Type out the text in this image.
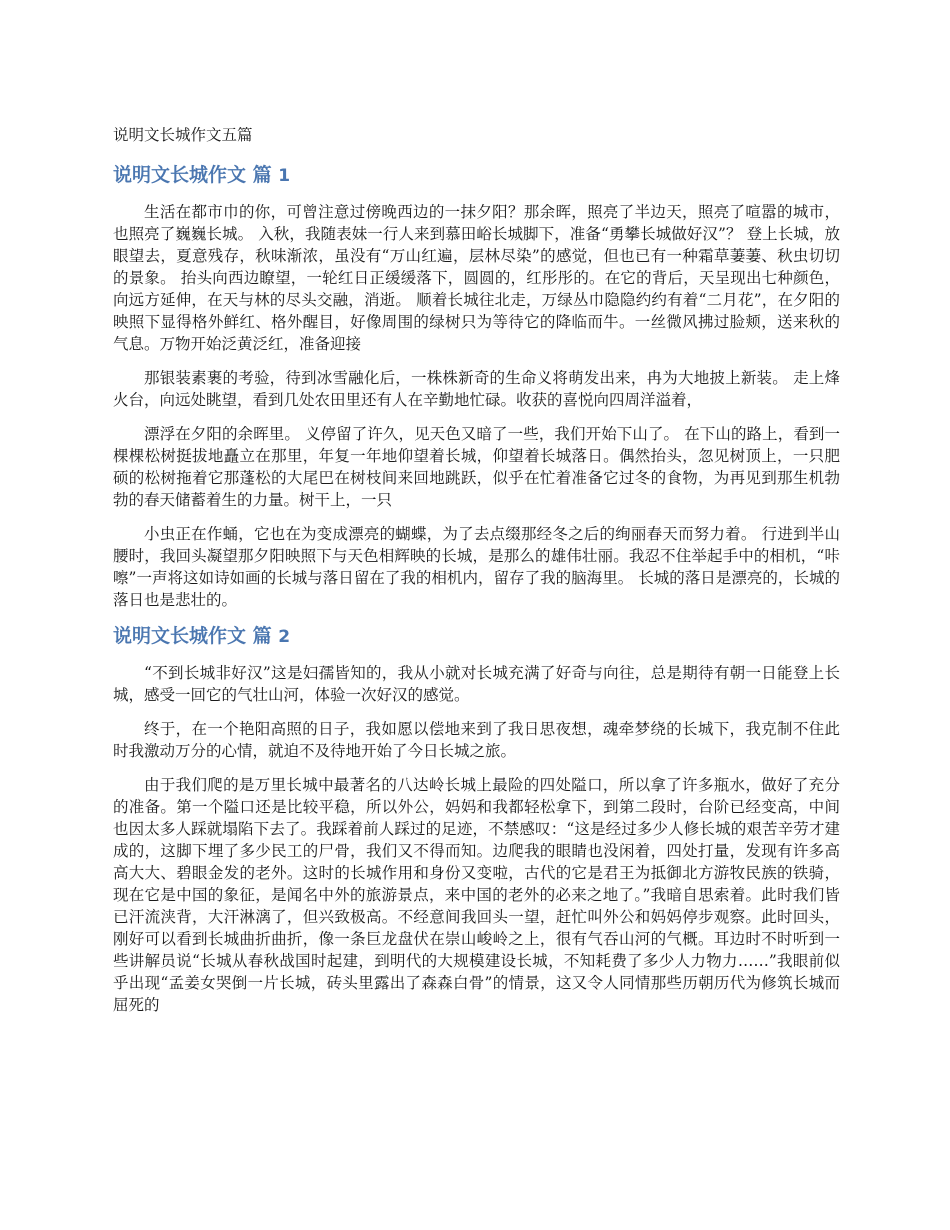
说明文长城作文五篇

说明文长城作文 篇 1

生活在都市巾的你，可曾注意过傍晚西边的一抹夕阳？那余晖，照亮了半边天，照亮了喧嚣的城市，也照亮了巍巍长城。 入秋，我随表妹一行人来到慕田峪长城脚下，准备“勇攀长城做好汉”？ 登上长城，放眼望去，夏意残存，秋味渐浓，虽没有“万山红遍，层林尽染”的感觉，但也已有一种霜草萋萋、秋虫切切的景象。 抬头向西边瞭望，一轮红日正缓缓落下，圆圆的，红彤彤的。在它的背后，天呈现出七种颜色，向远方延伸，在天与林的尽头交融，消逝。 顺着长城往北走，万绿丛巾隐隐约约有着“二月花”，在夕阳的映照下显得格外鲜红、格外醒目，好像周围的绿树只为等待它的降临而牛。一丝微风拂过脸颊，送来秋的气息。万物开始泛黄泛红，准备迎接

那银装素裹的考验，待到冰雪融化后，一株株新奇的生命义将萌发出来，冉为大地披上新装。 走上烽火台，向远处眺望，看到几处农田里还有人在辛勤地忙碌。收获的喜悦向四周洋溢着，

漂浮在夕阳的余晖里。 义停留了许久，见天色又暗了一些，我们开始下山了。 在下山的路上，看到一棵棵松树挺拔地矗立在那里，年复一年地仰望着长城，仰望着长城落日。偶然抬头，忽见树顶上，一只肥硕的松树拖着它那蓬松的大尾巴在树枝间来回地跳跃，似乎在忙着准备它过冬的食物，为再见到那生机勃勃的春天储蓄着生的力量。树干上，一只

小虫正在作蛹，它也在为变成漂亮的蝴蝶，为了去点缀那经冬之后的绚丽春天而努力着。 行进到半山腰时，我回头凝望那夕阳映照下与天色相辉映的长城，是那么的雄伟壮丽。我忍不住举起手中的相机，“咔嚓”一声将这如诗如画的长城与落日留在了我的相机内，留存了我的脑海里。 长城的落日是漂亮的，长城的落日也是悲壮的。

说明文长城作文 篇 2

“不到长城非好汉”这是妇孺皆知的，我从小就对长城充满了好奇与向往，总是期待有朝一日能登上长城，感受一回它的气壮山河，体验一次好汉的感觉。

终于，在一个艳阳高照的日子，我如愿以偿地来到了我日思夜想，魂牵梦绕的长城下，我克制不住此时我激动万分的心情，就迫不及待地开始了今日长城之旅。

由于我们爬的是万里长城中最著名的八达岭长城上最险的四处隘口，所以拿了许多瓶水，做好了充分的准备。第一个隘口还是比较平稳，所以外公，妈妈和我都轻松拿下，到第二段时，台阶已经变高，中间也因太多人踩就塌陷下去了。我踩着前人踩过的足迹，不禁感叹：“这是经过多少人修长城的艰苦辛劳才建成的，这脚下埋了多少民工的尸骨，我们又不得而知。边爬我的眼睛也没闲着，四处打量，发现有许多高高大大、碧眼金发的老外。这时的长城作用和身份又变啦，古代的它是君王为抵御北方游牧民族的铁骑，现在它是中国的象征，是闻名中外的旅游景点，来中国的老外的必来之地了。”我暗自思索着。此时我们皆已汗流浃背，大汗淋漓了，但兴致极高。不经意间我回头一望，赶忙叫外公和妈妈停步观察。此时回头，刚好可以看到长城曲折曲折，像一条巨龙盘伏在崇山峻岭之上，很有气吞山河的气概。耳边时不时听到一些讲解员说“长城从春秋战国时起建，到明代的大规模建设长城，不知耗费了多少人力物力……”我眼前似乎出现“孟姜女哭倒一片长城，砖头里露出了森森白骨”的情景，这又令人同情那些历朝历代为修筑长城而屈死的
